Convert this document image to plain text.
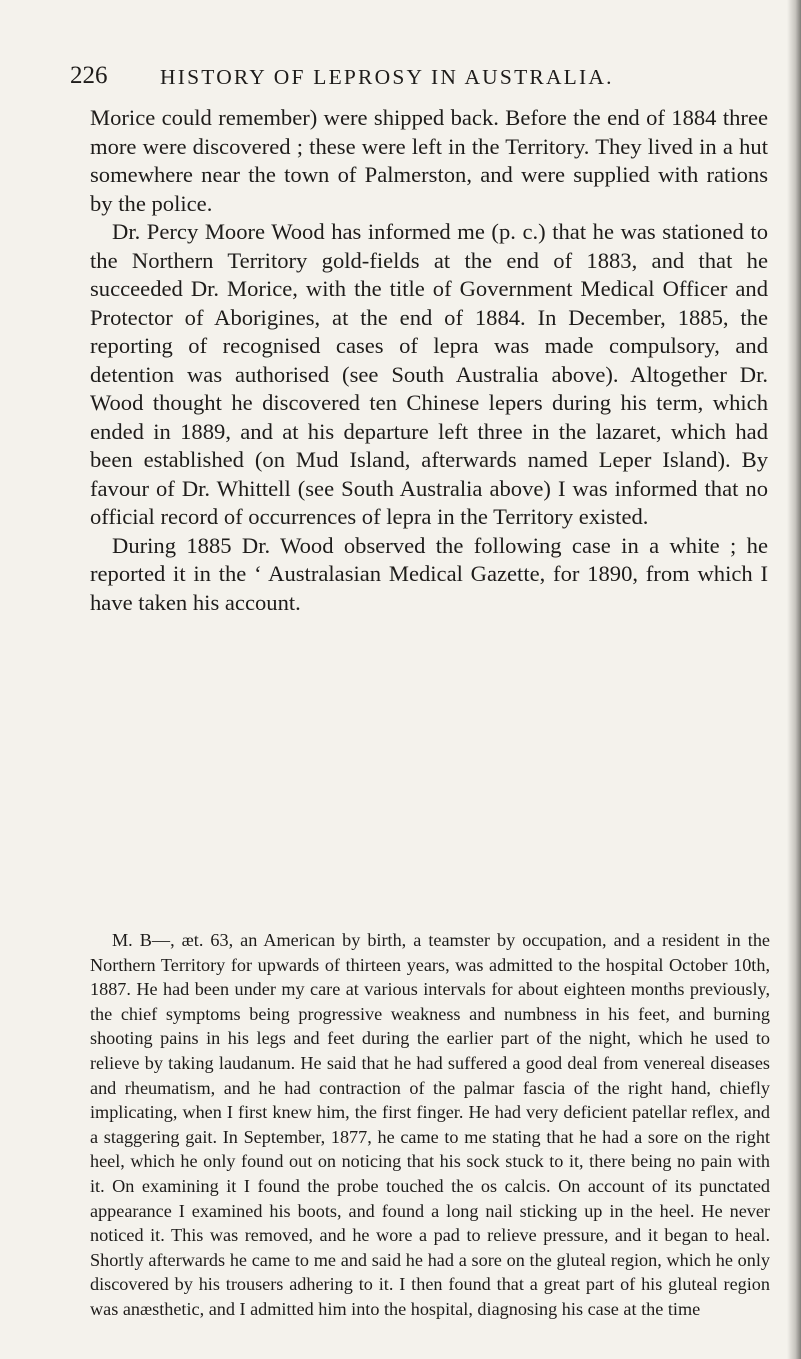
226 HISTORY OF LEPROSY IN AUSTRALIA.

Morice could remember) were shipped back. Before the end of 1884 three more were discovered ; these were left in the Territory. They lived in a hut somewhere near the town of Palmerston, and were supplied with rations by the police.

Dr. Percy Moore Wood has informed me (p. c.) that he was stationed to the Northern Territory gold-fields at the end of 1883, and that he succeeded Dr. Morice, with the title of Government Medical Officer and Protector of Aborigines, at the end of 1884. In December, 1885, the reporting of recognised cases of lepra was made compulsory, and detention was authorised (see South Australia above). Altogether Dr. Wood thought he discovered ten Chinese lepers during his term, which ended in 1889, and at his departure left three in the lazaret, which had been established (on Mud Island, afterwards named Leper Island). By favour of Dr. Whittell (see South Australia above) I was informed that no official record of occurrences of lepra in the Territory existed.

During 1885 Dr. Wood observed the following case in a white ; he reported it in the ‘ Australasian Medical Gazette, for 1890, from which I have taken his account.

M. B—, æt. 63, an American by birth, a teamster by occupation, and a resident in the Northern Territory for upwards of thirteen years, was admitted to the hospital October 10th, 1887. He had been under my care at various intervals for about eighteen months previously, the chief symptoms being progressive weakness and numbness in his feet, and burning shooting pains in his legs and feet during the earlier part of the night, which he used to relieve by taking laudanum. He said that he had suffered a good deal from venereal diseases and rheumatism, and he had contraction of the palmar fascia of the right hand, chiefly implicating, when I first knew him, the first finger. He had very deficient patellar reflex, and a staggering gait. In September, 1877, he came to me stating that he had a sore on the right heel, which he only found out on noticing that his sock stuck to it, there being no pain with it. On examining it I found the probe touched the os calcis. On account of its punctated appearance I examined his boots, and found a long nail sticking up in the heel. He never noticed it. This was removed, and he wore a pad to relieve pressure, and it began to heal. Shortly afterwards he came to me and said he had a sore on the gluteal region, which he only discovered by his trousers adhering to it. I then found that a great part of his gluteal region was anæsthetic, and I admitted him into the hospital, diagnosing his case at the time
